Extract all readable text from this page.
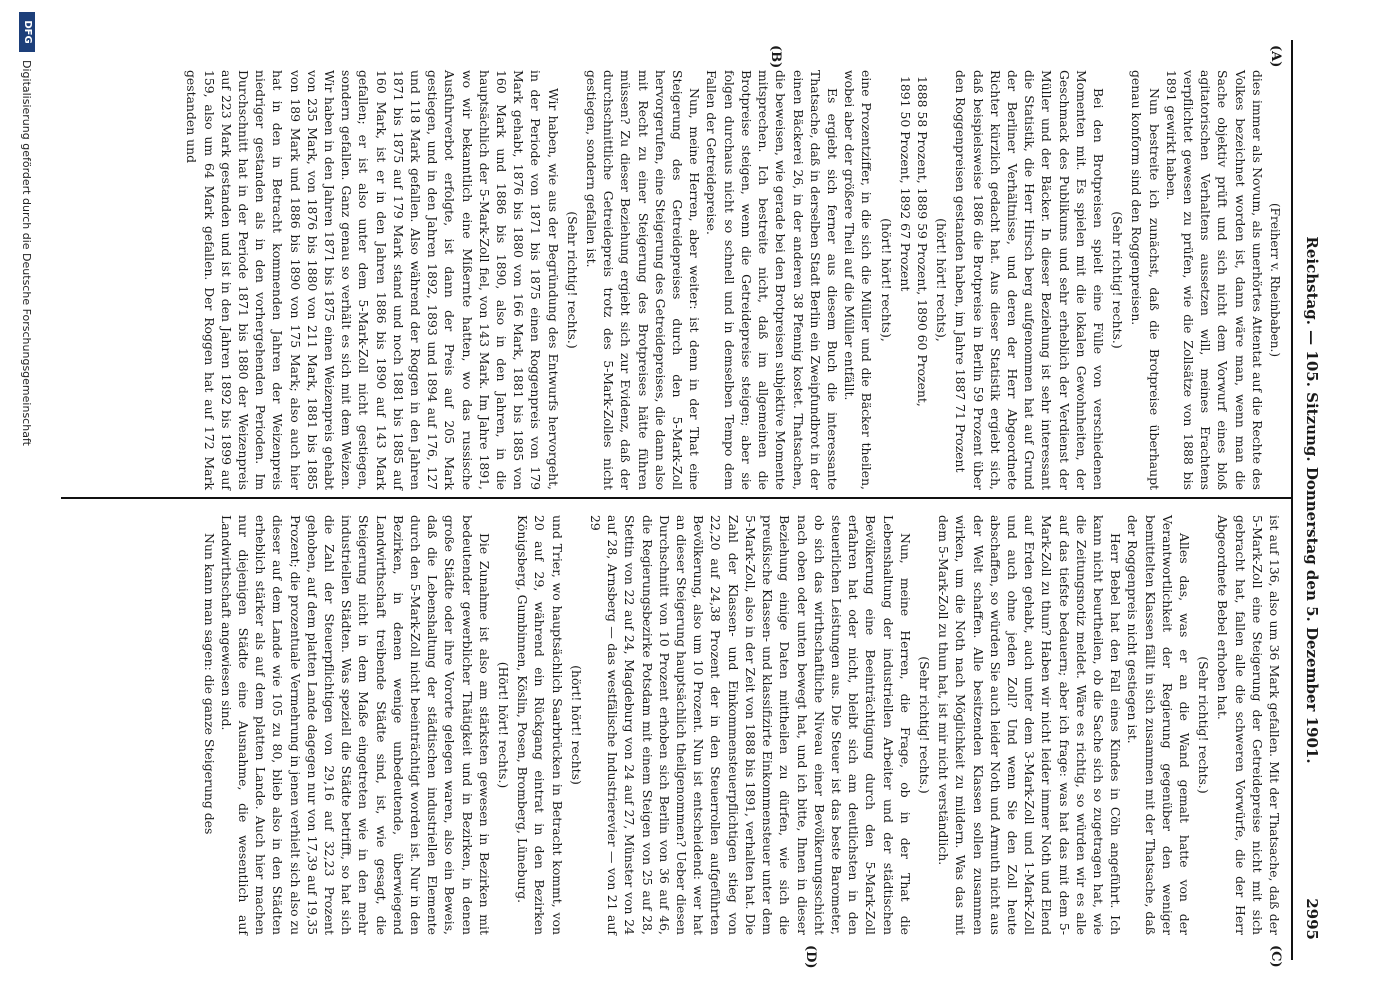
Reichstag. — 105. Sitzung. Donnerstag den 5. Dezember 1901.
2995
(A)
(B)
(C)
(D)

(Freiherr v. Rheinbaben.)

dies immer als Novum, als unerhörtes Attentat auf die Rechte des Volkes bezeichnet worden ist, dann wäre man, wenn man die Sache objektiv prüft und sich nicht dem Vorwurf eines bloß agitatorischen Verhaltens aussetzen will, meines Erachtens verpflichtet gewesen zu prüfen, wie die Zollsätze von 1888 bis 1891 gewirkt haben.

Nun bestreite ich zunächst, daß die Brotpreise überhaupt genau konform sind den Roggenpreisen.

(Sehr richtig! rechts.)

Bei den Brotpreisen spielt eine Fülle von verschiedenen Momenten mit. Es spielen mit die lokalen Gewohnheiten, der Geschmack des Publikums und sehr erheblich der Verdienst der Müller und der Bäcker. In dieser Beziehung ist sehr interessant die Statistik, die Herr Hirsch berg aufgenommen hat auf Grund der Berliner Verhältnisse, und deren der Herr Abgeordnete Richter kürzlich gedacht hat. Aus dieser Statistik ergiebt sich, daß beispielsweise 1886 die Brotpreise in Berlin 59 Prozent über den Roggenpreisen gestanden haben, im Jahre 1887 71 Prozent

(hört! hört! rechts),

1888 58 Prozent, 1889 59 Prozent, 1890 60 Prozent,

1891 50 Prozent, 1892 67 Prozent

(hört! hört! rechts),

eine Prozentziffer, in die sich die Müller und die Bäcker theilen, wobei aber der größere Theil auf die Müller entfällt.

Es ergiebt sich ferner aus diesem Buch die interessante Thatsache, daß in derselben Stadt Berlin ein Zweipfundbrot in der einen Bäckerei 26, in der anderen 38 Pfennig kostet. Thatsachen, die beweisen, wie gerade bei den Brotpreisen subjektive Momente mitsprechen. Ich bestreite nicht, daß im allgemeinen die Brotpreise steigen, wenn die Getreidepreise steigen; aber sie folgen durchaus nicht so schnell und in demselben Tempo dem Fallen der Getreidepreise.

Nun, meine Herren, aber weiter: ist denn in der That eine Steigerung des Getreidepreises durch den 5-Mark-Zoll hervorgerufen, eine Steigerung des Getreidepreises, die dann also mit Recht zu einer Steigerung des Brotpreises hätte führen müssen? Zu dieser Beziehung ergiebt sich zur Evidenz, daß der durchschnittliche Getreidepreis trotz des 5-Mark-Zolles nicht gestiegen, sondern gefallen ist.

(Sehr richtig! rechts.)

Wir haben, wie aus der Begründung des Entwurfs hervorgeht, in der Periode von 1871 bis 1875 einen Roggenpreis von 179 Mark gehabt, 1876 bis 1880 von 166 Mark, 1881 bis 1885 von 160 Mark und 1886 bis 1890, also in den Jahren, in die hauptsächlich der 5-Mark-Zoll fiel, von 143 Mark. Im Jahre 1891, wo wir bekanntlich eine Mißernte hatten, wo das russische Ausfuhrverbot erfolgte, ist dann der Preis auf 205 Mark gestiegen, und in den Jahren 1892, 1893 und 1894 auf 176, 127 und 118 Mark gefallen. Also während der Roggen in den Jahren 1871 bis 1875 auf 179 Mark stand und noch 1881 bis 1885 auf 160 Mark, ist er in den Jahren 1886 bis 1890 auf 143 Mark gefallen; er ist also unter dem 5-Mark-Zoll nicht gestiegen, sondern gefallen. Ganz genau so verhält es sich mit dem Weizen. Wir haben in den Jahren 1871 bis 1875 einen Weizenpreis gehabt von 235 Mark, von 1876 bis 1880 von 211 Mark, 1881 bis 1885 von 189 Mark und 1886 bis 1890 von 175 Mark; also auch hier hat in den in Betracht kommenden Jahren der Weizenpreis niedriger gestanden als in den vorhergehenden Perioden. Im Durchschnitt hat in der Periode 1871 bis 1880 der Weizenpreis auf 223 Mark gestanden und ist in den Jahren 1892 bis 1899 auf 159, also um 64 Mark gefallen. Der Roggen hat auf 172 Mark gestanden und

ist auf 136, also um 36 Mark gefallen. Mit der Thatsache, daß der 5-Mark-Zoll eine Steigerung der Getreidepreise nicht mit sich gebracht hat, fallen alle die schweren Vorwürfe, die der Herr Abgeordnete Bebel erhoben hat.

(Sehr richtig! rechts.)

Alles das, was er an die Wand gemalt hatte von der Verantwortlichkeit der Regierung gegenüber den weniger bemittelten Klassen fällt in sich zusammen mit der Thatsache, daß der Roggenpreis nicht gestiegen ist.

Herr Bebel hat den Fall eines Kindes in Cöln angeführt. Ich kann nicht beurtheilen, ob die Sache sich so zugetragen hat, wie die Zeitungsnotiz meldet. Wäre es richtig, so würden wir es alle auf das tiefste bedauern; aber ich frage: was hat das mit dem 5-Mark-Zoll zu thun? Haben wir nicht leider immer Noth und Elend auf Erden gehabt, auch unter dem 3-Mark-Zoll und 1-Mark-Zoll und auch ohne jeden Zoll? Und wenn Sie den Zoll heute abschaffen, so würden Sie auch leider Noth und Armuth nicht aus der Welt schaffen. Alle besitzenden Klassen sollen zusammen wirken, um die Noth nach Möglichkeit zu mildern. Was das mit dem 5-Mark-Zoll zu thun hat, ist mir nicht verständlich.

(Sehr richtig! rechts.)

Nun, meine Herren, die Frage, ob in der That die Lebenshaltung der industriellen Arbeiter und der städtischen Bevölkerung eine Beeinträchtigung durch den 5-Mark-Zoll erfahren hat oder nicht, bleibt sich am deutlichsten in den steuerlichen Leistungen aus. Die Steuer ist das beste Barometer, ob sich das wirthschaftliche Niveau einer Bevölkerungsschicht nach oben oder unten bewegt hat, und ich bitte, Ihnen in dieser Beziehung einige Daten mittheilen zu dürfen, wie sich die preußische Klassen- und klassifizirte Einkommensteuer unter dem 5-Mark-Zoll, also in der Zeit von 1888 bis 1891, verhalten hat. Die Zahl der Klassen- und Einkommensteuerpflichtigen stieg von 22,20 auf 24,38 Prozent der in den Steuerrollen aufgeführten Bevölkerung, also um 10 Prozent. Nun ist entscheidend: wer hat an dieser Steigerung hauptsächlich theilgenommen? Ueber diesen Durchschnitt von 10 Prozent erhoben sich Berlin von 36 auf 46, die Regierungsbezirke Potsdam mit einem Steigen von 25 auf 28, Stettin von 22 auf 24, Magdeburg von 24 auf 27, Münster von 24 auf 28, Arnsberg — das westfälische Industrierevier — von 21 auf 29

(hört! hört! rechts)

und Trier, wo hauptsächlich Saarbrücken in Betracht kommt, von 20 auf 29, während ein Rückgang eintrat in den Bezirken Königsberg, Gumbinnen, Köslin, Posen, Bromberg, Lüneburg.

(Hört! hört! rechts.)

Die Zunahme ist also am stärksten gewesen in Bezirken mit bedeutender gewerblicher Thätigkeit und in Bezirken, in denen große Städte oder ihre Vororte gelegen waren, also ein Beweis, daß die Lebenshaltung der städtischen industriellen Elemente durch den 5-Mark-Zoll nicht beeinträchtigt worden ist. Nur in den Bezirken, in denen wenige unbedeutende, überwiegend Landwirthschaft treibende Städte sind, ist, wie gesagt, die Steigerung nicht in dem Maße eingetreten wie in den mehr industriellen Städten. Was speziell die Städte betrifft, so hat sich die Zahl der Steuerpflichtigen von 29,16 auf 32,23 Prozent gehoben, auf dem platten Lande dagegen nur von 17,39 auf 19,35 Prozent; die prozentuale Vermehrung in jenen verhielt sich also zu dieser auf dem Lande wie 105 zu 80, blieb also in den Städten erheblich stärker als auf dem platten Lande. Auch hier machen nur diejenigen Städte eine Ausnahme, die wesentlich auf Landwirthschaft angewiesen sind.

Nun kann man sagen: die ganze Steigerung des

DFG
Digitalisierung gefördert durch die Deutsche Forschungsgemeinschaft
